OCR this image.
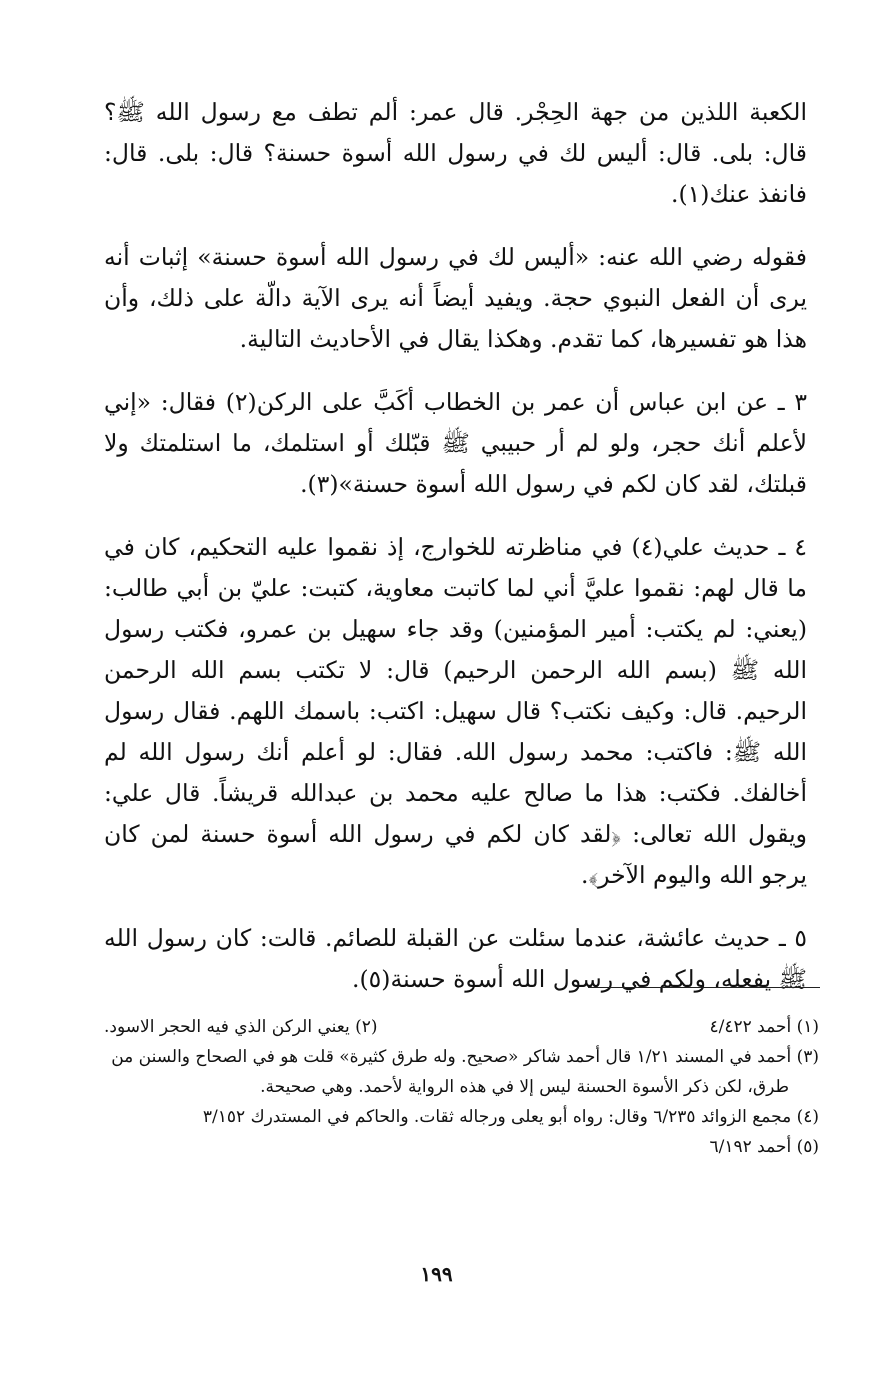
الكعبة اللذين من جهة الحِجْر. قال عمر: ألم تطف مع رسول الله ﷺ؟ قال: بلى. قال: أليس لك في رسول الله أسوة حسنة؟ قال: بلى. قال: فانفذ عنك(١).

فقوله رضي الله عنه: «أليس لك في رسول الله أسوة حسنة» إثبات أنه يرى أن الفعل النبوي حجة. ويفيد أيضاً أنه يرى الآية دالّة على ذلك، وأن هذا هو تفسيرها، كما تقدم. وهكذا يقال في الأحاديث التالية.

٣ ـ عن ابن عباس أن عمر بن الخطاب أكَبَّ على الركن(٢) فقال: «إني لأعلم أنك حجر، ولو لم أر حبيبي ﷺ قبّلك أو استلمك، ما استلمتك ولا قبلتك، لقد كان لكم في رسول الله أسوة حسنة»(٣).

٤ ـ حديث علي(٤) في مناظرته للخوارج، إذ نقموا عليه التحكيم، كان في ما قال لهم: نقموا عليَّ أني لما كاتبت معاوية، كتبت: عليّ بن أبي طالب: (يعني: لم يكتب: أمير المؤمنين) وقد جاء سهيل بن عمرو، فكتب رسول الله ﷺ (بسم الله الرحمن الرحيم) قال: لا تكتب بسم الله الرحمن الرحيم. قال: وكيف نكتب؟ قال سهيل: اكتب: باسمك اللهم. فقال رسول الله ﷺ: فاكتب: محمد رسول الله. فقال: لو أعلم أنك رسول الله لم أخالفك. فكتب: هذا ما صالح عليه محمد بن عبدالله قريشاً. قال علي: ويقول الله تعالى: ﴿لقد كان لكم في رسول الله أسوة حسنة لمن كان يرجو الله واليوم الآخر﴾.

٥ ـ حديث عائشة، عندما سئلت عن القبلة للصائم. قالت: كان رسول الله ﷺ يفعله، ولكم في رسول الله أسوة حسنة(٥).

(١) أحمد ٤/٤٢٢

(٢) يعني الركن الذي فيه الحجر الاسود.

(٣) أحمد في المسند ١/٢١ قال أحمد شاكر «صحيح. وله طرق كثيرة» قلت هو في الصحاح والسنن من طرق، لكن ذكر الأسوة الحسنة ليس إلا في هذه الرواية لأحمد. وهي صحيحة.

(٤) مجمع الزوائد ٦/٢٣٥ وقال: رواه أبو يعلى ورجاله ثقات. والحاكم في المستدرك ٣/١٥٢

(٥) أحمد ٦/١٩٢

١٩٩
